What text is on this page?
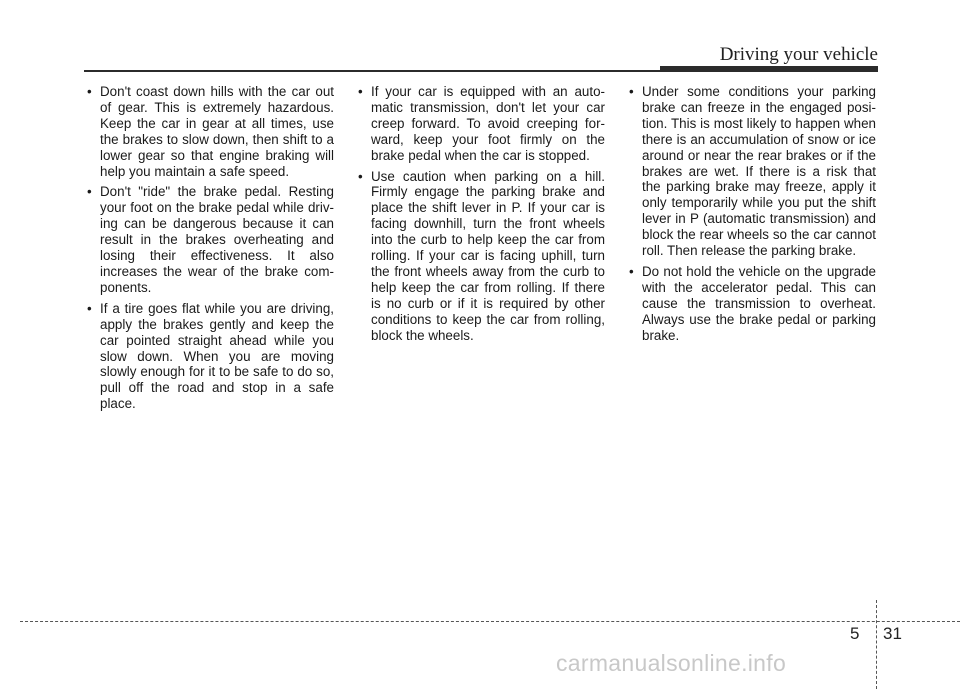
Driving your vehicle
• Don't coast down hills with the car out of gear. This is extremely hazardous. Keep the car in gear at all times, use the brakes to slow down, then shift to a lower gear so that engine braking will help you maintain a safe speed.
• Don't "ride" the brake pedal. Resting your foot on the brake pedal while driv-ing can be dangerous because it can result in the brakes overheating and losing their effectiveness. It also increases the wear of the brake com-ponents.
• If a tire goes flat while you are driving, apply the brakes gently and keep the car pointed straight ahead while you slow down. When you are moving slowly enough for it to be safe to do so, pull off the road and stop in a safe place.
• If your car is equipped with an auto-matic transmission, don't let your car creep forward. To avoid creeping for-ward, keep your foot firmly on the brake pedal when the car is stopped.
• Use caution when parking on a hill. Firmly engage the parking brake and place the shift lever in P. If your car is facing downhill, turn the front wheels into the curb to help keep the car from rolling. If your car is facing uphill, turn the front wheels away from the curb to help keep the car from rolling. If there is no curb or if it is required by other conditions to keep the car from rolling, block the wheels.
• Under some conditions your parking brake can freeze in the engaged posi-tion. This is most likely to happen when there is an accumulation of snow or ice around or near the rear brakes or if the brakes are wet. If there is a risk that the parking brake may freeze, apply it only temporarily while you put the shift lever in P (automatic transmission) and block the rear wheels so the car cannot roll. Then release the parking brake.
• Do not hold the vehicle on the upgrade with the accelerator pedal. This can cause the transmission to overheat. Always use the brake pedal or parking brake.
5 31
carmanualsonline.info
